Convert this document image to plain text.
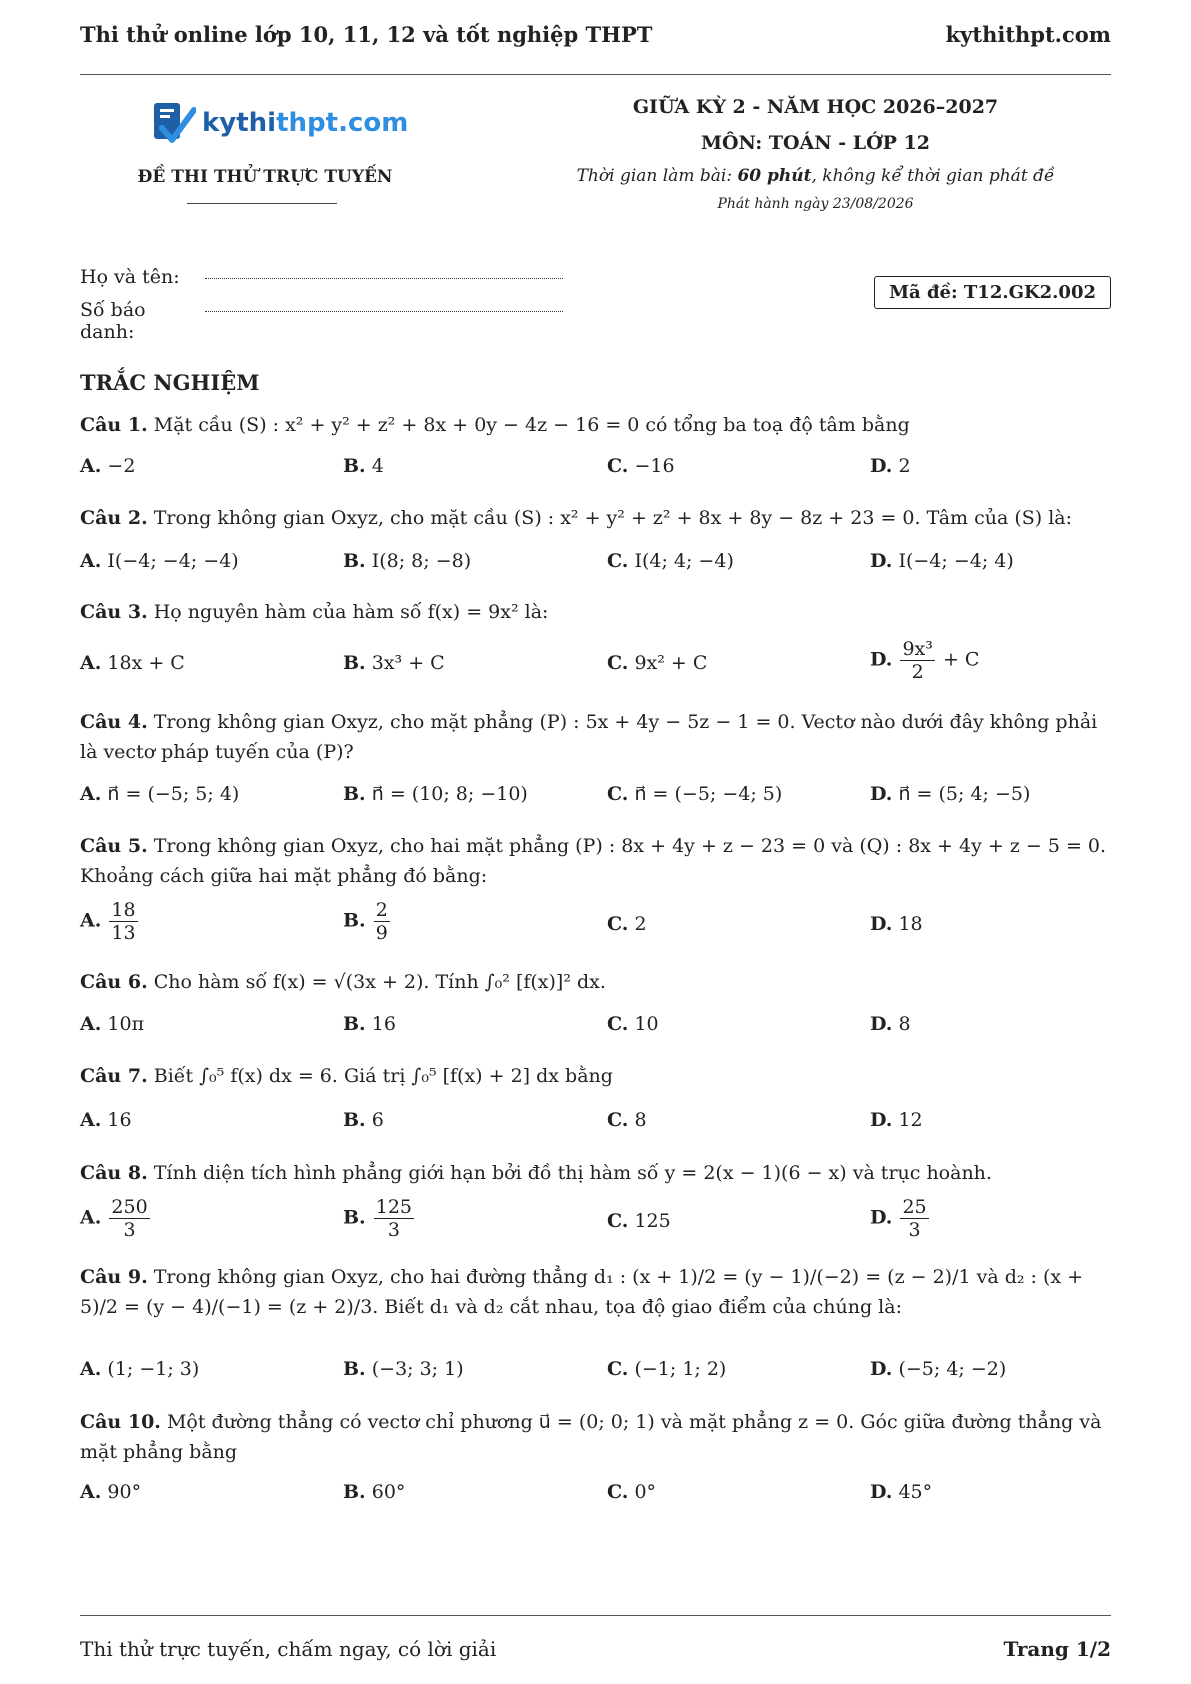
Thi thử online lớp 10, 11, 12 và tốt nghiệp THPT	kythithpt.com
kythithpt.com
ĐỀ THI THỬ TRỰC TUYẾN
GIỮA KỲ 2 - NĂM HỌC 2026–2027
MÔN: TOÁN - LỚP 12
Thời gian làm bài: 60 phút, không kể thời gian phát đề
Phát hành ngày 23/08/2026
Họ và tên:
Số báo danh:
Mã đề: T12.GK2.002
TRẮC NGHIỆM
Câu 1. Mặt cầu (S) : x² + y² + z² + 8x + 0y − 4z − 16 = 0 có tổng ba toạ độ tâm bằng
A. −2	B. 4	C. −16	D. 2
Câu 2. Trong không gian Oxyz, cho mặt cầu (S) : x² + y² + z² + 8x + 8y − 8z + 23 = 0. Tâm của (S) là:
A. I(−4; −4; −4)	B. I(8; 8; −8)	C. I(4; 4; −4)	D. I(−4; −4; 4)
Câu 3. Họ nguyên hàm của hàm số f(x) = 9x² là:
A. 18x + C	B. 3x³ + C	C. 9x² + C	D. $\frac{\text{9x³}}{2} + C$
Câu 4. Trong không gian Oxyz, cho mặt phẳng (P) : 5x + 4y − 5z − 1 = 0. Vectơ nào dưới đây không phải là vectơ pháp tuyến của (P)?
A. n⃗ = (−5; 5; 4)	B. n⃗ = (10; 8; −10)	C. n⃗ = (−5; −4; 5)	D. n⃗ = (5; 4; −5)
Câu 5. Trong không gian Oxyz, cho hai mặt phẳng (P) : 8x + 4y + z − 23 = 0 và (Q) : 8x + 4y + z − 5 = 0. Khoảng cách giữa hai mặt phẳng đó bằng:
A. $\frac{18}{13}$	B. $\frac{2}{9}$	C. 2	D. 18
Câu 6. Cho hàm số f(x) = √(3x + 2). Tính ∫₀² [f(x)]² dx.
A. 10π	B. 16	C. 10	D. 8
Câu 7. Biết ∫₀⁵ f(x) dx = 6. Giá trị ∫₀⁵ [f(x) + 2] dx bằng
A. 16	B. 6	C. 8	D. 12
Câu 8. Tính diện tích hình phẳng giới hạn bởi đồ thị hàm số y = 2(x − 1)(6 − x) và trục hoành.
A. $\frac{250}{3}$	B. $\frac{125}{3}$	C. 125	D. $\frac{25}{3}$
Câu 9. Trong không gian Oxyz, cho hai đường thẳng d₁ : (x + 1)/2 = (y − 1)/(−2) = (z − 2)/1 và d₂ : (x + 5)/2 = (y − 4)/(−1) = (z + 2)/3. Biết d₁ và d₂ cắt nhau, tọa độ giao điểm của chúng là:
A. (1; −1; 3)	B. (−3; 3; 1)	C. (−1; 1; 2)	D. (−5; 4; −2)
Câu 10. Một đường thẳng có vectơ chỉ phương u⃗ = (0; 0; 1) và mặt phẳng z = 0. Góc giữa đường thẳng và mặt phẳng bằng
A. 90°	B. 60°	C. 0°	D. 45°
Thi thử trực tuyến, chấm ngay, có lời giải	Trang 1/2
